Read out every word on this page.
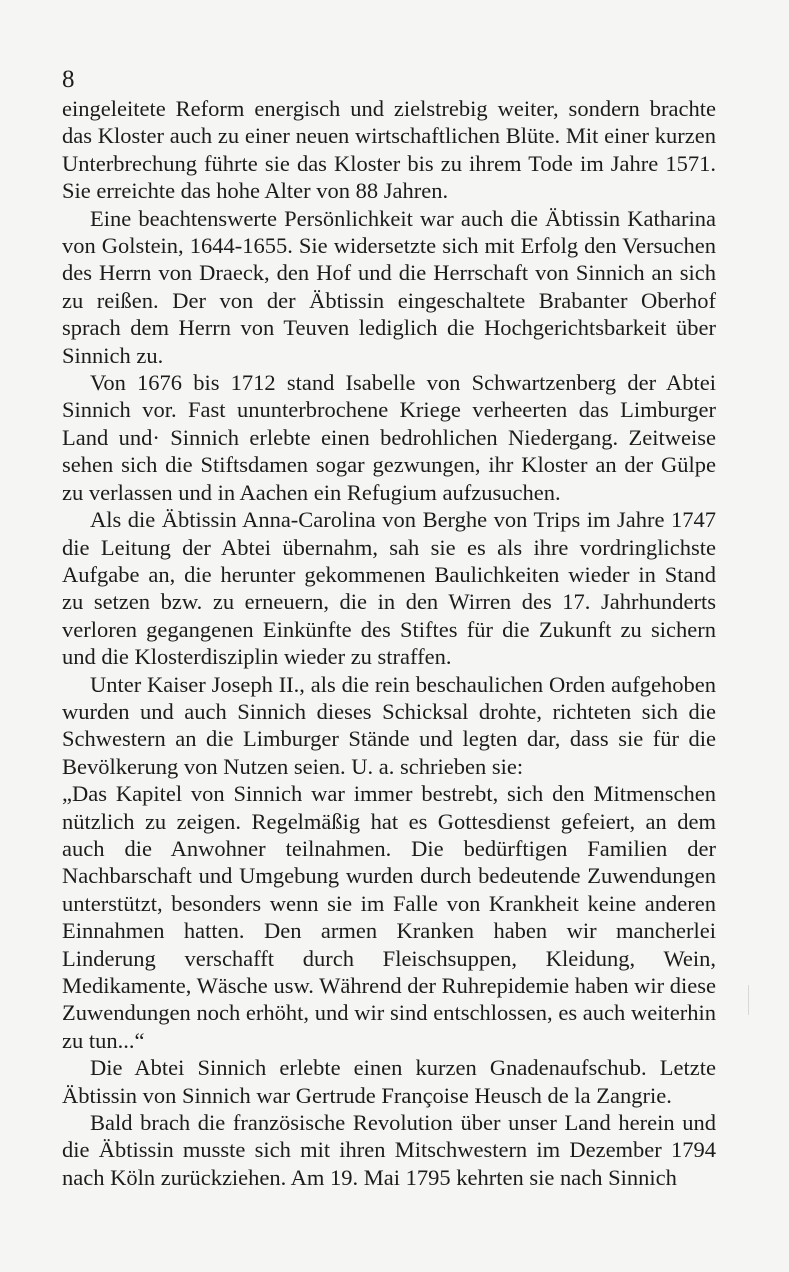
8

eingeleitete Reform energisch und zielstrebig weiter, sondern brachte das Kloster auch zu einer neuen wirtschaftlichen Blüte. Mit einer kurzen Unterbrechung führte sie das Kloster bis zu ihrem Tode im Jahre 1571. Sie erreichte das hohe Alter von 88 Jahren.

Eine beachtenswerte Persönlichkeit war auch die Äbtissin Katharina von Golstein, 1644-1655. Sie widersetzte sich mit Erfolg den Versuchen des Herrn von Draeck, den Hof und die Herrschaft von Sinnich an sich zu reißen. Der von der Äbtissin eingeschaltete Brabanter Oberhof sprach dem Herrn von Teuven lediglich die Hochgerichtsbarkeit über Sinnich zu.

Von 1676 bis 1712 stand Isabelle von Schwartzenberg der Abtei Sinnich vor. Fast ununterbrochene Kriege verheerten das Limburger Land und· Sinnich erlebte einen bedrohlichen Niedergang. Zeitweise sehen sich die Stiftsdamen sogar gezwungen, ihr Kloster an der Gülpe zu verlassen und in Aachen ein Refugium aufzusuchen.

Als die Äbtissin Anna-Carolina von Berghe von Trips im Jahre 1747 die Leitung der Abtei übernahm, sah sie es als ihre vordringlichste Aufgabe an, die herunter gekommenen Baulichkeiten wieder in Stand zu setzen bzw. zu erneuern, die in den Wirren des 17. Jahrhunderts verloren gegangenen Einkünfte des Stiftes für die Zukunft zu sichern und die Klosterdisziplin wieder zu straffen.

Unter Kaiser Joseph II., als die rein beschaulichen Orden aufgehoben wurden und auch Sinnich dieses Schicksal drohte, richteten sich die Schwestern an die Limburger Stände und legten dar, dass sie für die Bevölkerung von Nutzen seien. U. a. schrieben sie:

„Das Kapitel von Sinnich war immer bestrebt, sich den Mitmenschen nützlich zu zeigen. Regelmäßig hat es Gottesdienst gefeiert, an dem auch die Anwohner teilnahmen. Die bedürftigen Familien der Nachbarschaft und Umgebung wurden durch bedeutende Zuwendungen unterstützt, besonders wenn sie im Falle von Krankheit keine anderen Einnahmen hatten. Den armen Kranken haben wir mancherlei Linderung verschafft durch Fleischsuppen, Kleidung, Wein, Medikamente, Wäsche usw. Während der Ruhrepidemie haben wir diese Zuwendungen noch erhöht, und wir sind entschlossen, es auch weiterhin zu tun...“

Die Abtei Sinnich erlebte einen kurzen Gnadenaufschub. Letzte Äbtissin von Sinnich war Gertrude Françoise Heusch de la Zangrie.

Bald brach die französische Revolution über unser Land herein und die Äbtissin musste sich mit ihren Mitschwestern im Dezember 1794 nach Köln zurückziehen. Am 19. Mai 1795 kehrten sie nach Sinnich
